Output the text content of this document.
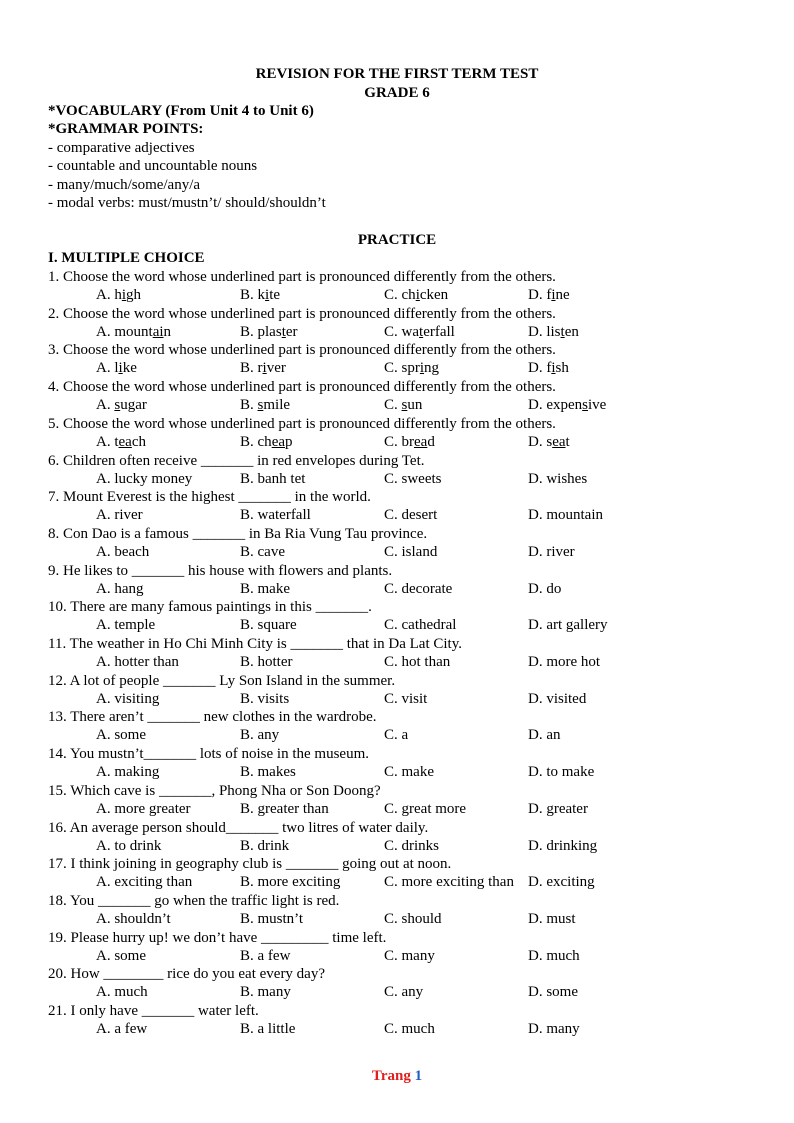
REVISION FOR THE FIRST TERM TEST
GRADE 6
*VOCABULARY (From Unit 4 to Unit 6)
*GRAMMAR POINTS:
- comparative adjectives
- countable and uncountable nouns
- many/much/some/any/a
- modal verbs: must/mustn’t/ should/shouldn’t
PRACTICE
I. MULTIPLE CHOICE
1. Choose the word whose underlined part is pronounced differently from the others.
A. high	B. kite	C. chicken	D. fine
2. Choose the word whose underlined part is pronounced differently from the others.
A. mountain	B. plaster	C. waterfall	D. listen
3. Choose the word whose underlined part is pronounced differently from the others.
A. like	B. river	C. spring	D. fish
4. Choose the word whose underlined part is pronounced differently from the others.
A. sugar	B. smile	C. sun	D. expensive
5. Choose the word whose underlined part is pronounced differently from the others.
A. teach	B. cheap	C. bread	D. seat
6. Children often receive _______ in red envelopes during Tet.
A. lucky money	B. banh tet	C. sweets	D. wishes
7. Mount Everest is the highest _______ in the world.
A. river	B. waterfall	C. desert	D. mountain
8. Con Dao is a famous _______ in Ba Ria Vung Tau province.
A. beach	B. cave	C. island	D. river
9. He likes to _______ his house with flowers and plants.
A. hang	B. make	C. decorate	D. do
10. There are many famous paintings in this _______.
A. temple	B. square	C. cathedral	D. art gallery
11. The weather in Ho Chi Minh City is _______ that in Da Lat City.
A. hotter than	B. hotter	C. hot than	D. more hot
12. A lot of people _______ Ly Son Island in the summer.
A. visiting	B. visits	C. visit	D. visited
13. There aren’t _______ new clothes in the wardrobe.
A. some	B. any	C. a	D. an
14. You mustn’t_______ lots of noise in the museum.
A. making	B. makes	C. make	D. to make
15. Which cave is _______, Phong Nha or Son Doong?
A. more greater	B. greater than	C. great more	D. greater
16. An average person should_______ two litres of water daily.
A. to drink	B. drink	C. drinks	D. drinking
17. I think joining in geography club is _______ going out at noon.
A. exciting than	B. more exciting	C. more exciting than D. exciting
18. You _______ go when the traffic light is red.
A. shouldn’t	B. mustn’t	C. should	D. must
19. Please hurry up! we don’t have _________ time left.
A. some	B. a few	C. many	D. much
20. How ________ rice do you eat every day?
A. much	B. many	C. any	D. some
21. I only have _______ water left.
A. a few	B. a little	C. much	D. many
Trang 1
